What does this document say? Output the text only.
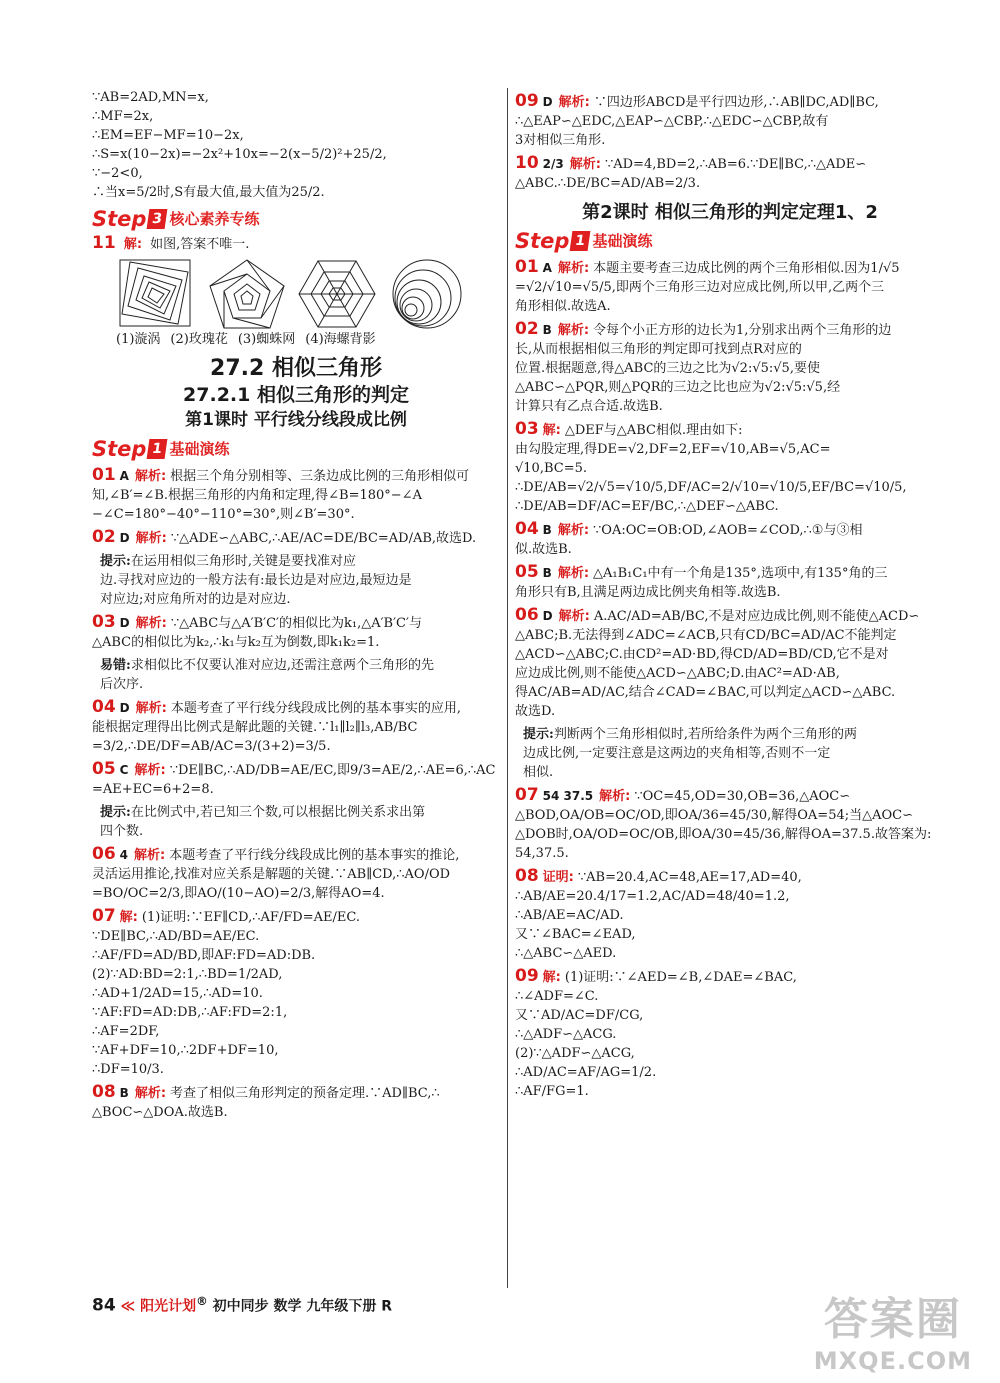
∵AB=2AD,MN=x,
∴MF=2x,
∴EM=EF−MF=10−2x,
∴S=x(10−2x)=−2x²+10x=−2(x−5/2)²+25/2,
∵−2<0,
∴当x=5/2时,S有最大值,最大值为25/2.
Step 3 核心素养专练
11 解: 如图,答案不唯一.
(1)漩涡 (2)玫瑰花 (3)蜘蛛网 (4)海螺背影
27.2 相似三角形
27.2.1 相似三角形的判定
第1课时 平行线分线段成比例
Step 1 基础演练
01 A 解析: 根据三个角分别相等、三条边成比例的三角形相似可
知,∠B′=∠B.根据三角形的内角和定理,得∠B=180°−∠A
−∠C=180°−40°−110°=30°,则∠B′=30°.
02 D 解析: ∵△ADE∽△ABC,∴AE/AC=DE/BC=AD/AB,故选D.
提示:在运用相似三角形时,关键是要找准对应
边.寻找对应边的一般方法有:最长边是对应边,最短边是
对应边;对应角所对的边是对应边.
03 D 解析: ∵△ABC与△A′B′C′的相似比为k₁,△A′B′C′与
△ABC的相似比为k₂,∴k₁与k₂互为倒数,即k₁k₂=1.
易错:求相似比不仅要认准对应边,还需注意两个三角形的先
后次序.
04 D 解析: 本题考查了平行线分线段成比例的基本事实的应用,
能根据定理得出比例式是解此题的关键.∵l₁∥l₂∥l₃,AB/BC
=3/2,∴DE/DF=AB/AC=3/(3+2)=3/5.
05 C 解析: ∵DE∥BC,∴AD/DB=AE/EC,即9/3=AE/2,∴AE=6,∴AC
=AE+EC=6+2=8.
提示:在比例式中,若已知三个数,可以根据比例关系求出第
四个数.
06 4 解析: 本题考查了平行线分线段成比例的基本事实的推论,
灵活运用推论,找准对应关系是解题的关键.∵AB∥CD,∴AO/OD
=BO/OC=2/3,即AO/(10−AO)=2/3,解得AO=4.
07 解: (1)证明:∵EF∥CD,∴AF/FD=AE/EC.
∵DE∥BC,∴AD/BD=AE/EC.
∴AF/FD=AD/BD,即AF:FD=AD:DB.
(2)∵AD:BD=2:1,∴BD=1/2AD,
∴AD+1/2AD=15,∴AD=10.
∵AF:FD=AD:DB,∴AF:FD=2:1,
∴AF=2DF,
∵AF+DF=10,∴2DF+DF=10,
∴DF=10/3.
08 B 解析: 考查了相似三角形判定的预备定理.∵AD∥BC,∴
△BOC∽△DOA.故选B.
09 D 解析: ∵四边形ABCD是平行四边形,∴AB∥DC,AD∥BC,
∴△EAP∽△EDC,△EAP∽△CBP,∴△EDC∽△CBP,故有
3对相似三角形.
10 2/3 解析: ∵AD=4,BD=2,∴AB=6.∵DE∥BC,∴△ADE∽
△ABC.∴DE/BC=AD/AB=2/3.
第2课时 相似三角形的判定定理1、2
Step 1 基础演练
01 A 解析: 本题主要考查三边成比例的两个三角形相似.因为1/√5
=√2/√10=√5/5,即两个三角形三边对应成比例,所以甲,乙两个三
角形相似.故选A.
02 B 解析: 令每个小正方形的边长为1,分别求出两个三角形的边
长,从而根据相似三角形的判定即可找到点R对应的
位置.根据题意,得△ABC的三边之比为√2:√5:√5,要使
△ABC∽△PQR,则△PQR的三边之比也应为√2:√5:√5,经
计算只有乙点合适.故选B.
03 解: △DEF与△ABC相似.理由如下:
由勾股定理,得DE=√2,DF=2,EF=√10,AB=√5,AC=
√10,BC=5.
∴DE/AB=√2/√5=√10/5,DF/AC=2/√10=√10/5,EF/BC=√10/5,
∴DE/AB=DF/AC=EF/BC,∴△DEF∽△ABC.
04 B 解析: ∵OA:OC=OB:OD,∠AOB=∠COD,∴①与③相
似.故选B.
05 B 解析: △A₁B₁C₁中有一个角是135°,选项中,有135°角的三
角形只有B,且满足两边成比例夹角相等.故选B.
06 D 解析: A.AC/AD=AB/BC,不是对应边成比例,则不能使△ACD∽
△ABC;B.无法得到∠ADC=∠ACB,只有CD/BC=AD/AC不能判定
△ACD∽△ABC;C.由CD²=AD·BD,得CD/AD=BD/CD,它不是对
应边成比例,则不能使△ACD∽△ABC;D.由AC²=AD·AB,
得AC/AB=AD/AC,结合∠CAD=∠BAC,可以判定△ACD∽△ABC.
故选D.
提示:判断两个三角形相似时,若所给条件为两个三角形的两
边成比例,一定要注意是这两边的夹角相等,否则不一定
相似.
07 54 37.5 解析: ∵OC=45,OD=30,OB=36,△AOC∽
△BOD,OA/OB=OC/OD,即OA/36=45/30,解得OA=54;当△AOC∽
△DOB时,OA/OD=OC/OB,即OA/30=45/36,解得OA=37.5.故答案为:
54,37.5.
08 证明: ∵AB=20.4,AC=48,AE=17,AD=40,
∴AB/AE=20.4/17=1.2,AC/AD=48/40=1.2,
∴AB/AE=AC/AD.
又∵∠BAC=∠EAD,
∴△ABC∽△AED.
09 解: (1)证明:∵∠AED=∠B,∠DAE=∠BAC,
∴∠ADF=∠C.
又∵AD/AC=DF/CG,
∴△ADF∽△ACG.
(2)∵△ADF∽△ACG,
∴AD/AC=AF/AG=1/2.
∴AF/FG=1.
84 ≪ 阳光计划® 初中同步 数学 九年级下册 R	答案圈
MXQE.COM
